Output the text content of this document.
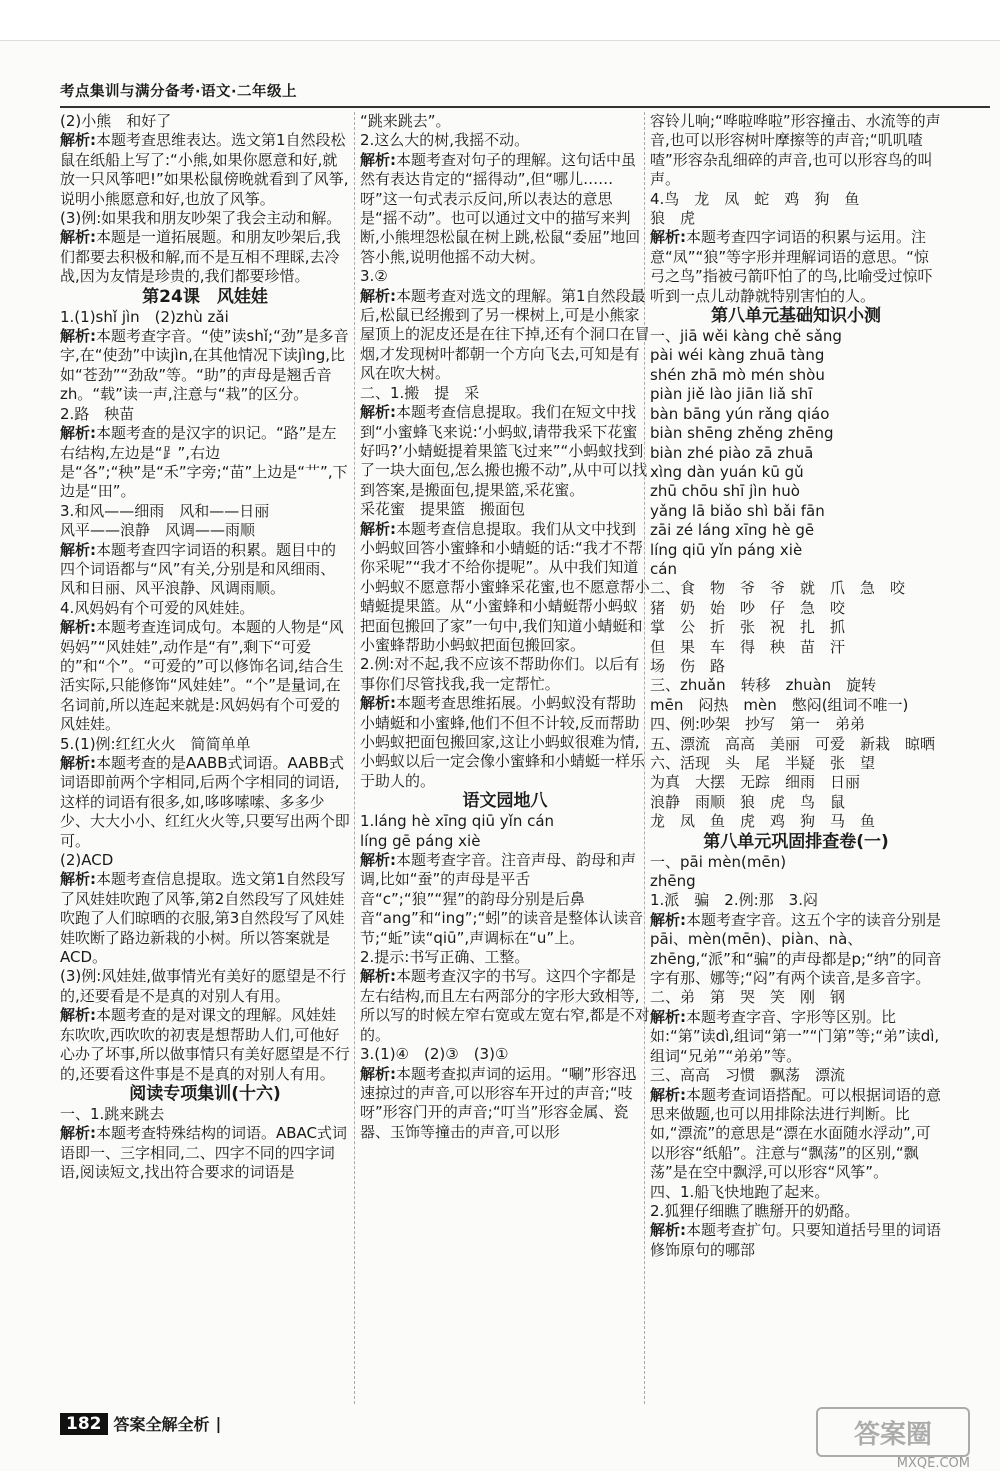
考点集训与满分备考·语文·二年级上

(2)小熊　和好了

解析:本题考查思维表达。选文第1自然段松鼠在纸船上写了:“小熊,如果你愿意和好,就放一只风筝吧!”如果松鼠傍晚就看到了风筝,说明小熊愿意和好,也放了风筝。

(3)例:如果我和朋友吵架了我会主动和解。

解析:本题是一道拓展题。和朋友吵架后,我们都要去积极和解,而不是互相不理睬,去冷战,因为友情是珍贵的,我们都要珍惜。

第24课　风娃娃

1.(1)shǐ jìn　(2)zhù zǎi

解析:本题考查字音。“使”读shǐ;“劲”是多音字,在“使劲”中读jìn,在其他情况下读jìng,比如“苍劲”“劲敌”等。“助”的声母是翘舌音zh。“载”读一声,注意与“栽”的区分。

2.路　秧苗

解析:本题考查的是汉字的识记。“路”是左右结构,左边是“⻊”,右边是“各”;“秧”是“禾”字旁;“苗”上边是“艹”,下边是“田”。

3.和风——细雨　风和——日丽

风平——浪静　风调——雨顺

解析:本题考查四字词语的积累。题目中的四个词语都与“风”有关,分别是和风细雨、风和日丽、风平浪静、风调雨顺。

4.风妈妈有个可爱的风娃娃。

解析:本题考查连词成句。本题的人物是“风妈妈”“风娃娃”,动作是“有”,剩下“可爱的”和“个”。“可爱的”可以修饰名词,结合生活实际,只能修饰“风娃娃”。“个”是量词,在名词前,所以连起来就是:风妈妈有个可爱的风娃娃。

5.(1)例:红红火火　简简单单

解析:本题考查的是AABB式词语。AABB式词语即前两个字相同,后两个字相同的词语,这样的词语有很多,如,哆哆嗦嗦、多多少少、大大小小、红红火火等,只要写出两个即可。

(2)ACD

解析:本题考查信息提取。选文第1自然段写了风娃娃吹跑了风筝,第2自然段写了风娃娃吹跑了人们晾晒的衣服,第3自然段写了风娃娃吹断了路边新栽的小树。所以答案就是ACD。

(3)例:风娃娃,做事情光有美好的愿望是不行的,还要看是不是真的对别人有用。

解析:本题考查的是对课文的理解。风娃娃东吹吹,西吹吹的初衷是想帮助人们,可他好心办了坏事,所以做事情只有美好愿望是不行的,还要看这件事是不是真的对别人有用。

阅读专项集训(十六)

一、1.跳来跳去

解析:本题考查特殊结构的词语。ABAC式词语即一、三字相同,二、四字不同的四字词语,阅读短文,找出符合要求的词语是

“跳来跳去”。

2.这么大的树,我摇不动。

解析:本题考查对句子的理解。这句话中虽然有表达肯定的“摇得动”,但“哪儿……呀”这一句式表示反问,所以表达的意思是“摇不动”。也可以通过文中的描写来判断,小熊埋怨松鼠在树上跳,松鼠“委屈”地回答小熊,说明他摇不动大树。

3.②

解析:本题考查对选文的理解。第1自然段最后,松鼠已经搬到了另一棵树上,可是小熊家屋顶上的泥皮还是在往下掉,还有个洞口在冒烟,才发现树叶都朝一个方向飞去,可知是有风在吹大树。

二、1.搬　提　采

解析:本题考查信息提取。我们在短文中找到“小蜜蜂飞来说:‘小蚂蚁,请带我采下花蜜好吗?’小蜻蜓提着果篮飞过来”“小蚂蚁找到了一块大面包,怎么搬也搬不动”,从中可以找到答案,是搬面包,提果篮,采花蜜。

采花蜜　提果篮　搬面包

解析:本题考查信息提取。我们从文中找到小蚂蚁回答小蜜蜂和小蜻蜓的话:“我才不帮你采呢”“我才不给你提呢”。从中我们知道小蚂蚁不愿意帮小蜜蜂采花蜜,也不愿意帮小蜻蜓提果篮。从“小蜜蜂和小蜻蜓帮小蚂蚁把面包搬回了家”一句中,我们知道小蜻蜓和小蜜蜂帮助小蚂蚁把面包搬回家。

2.例:对不起,我不应该不帮助你们。以后有事你们尽管找我,我一定帮忙。

解析:本题考查思维拓展。小蚂蚁没有帮助小蜻蜓和小蜜蜂,他们不但不计较,反而帮助小蚂蚁把面包搬回家,这让小蚂蚁很难为情,小蚂蚁以后一定会像小蜜蜂和小蜻蜓一样乐于助人的。

语文园地八

1.láng hè xīng qiū yǐn cán

líng gē páng xiè

解析:本题考查字音。注音声母、韵母和声调,比如“蚕”的声母是平舌音“c”;“狼”“猩”的韵母分别是后鼻音“ang”和“ing”;“蚓”的读音是整体认读音节;“蚯”读“qiū”,声调标在“u”上。

2.提示:书写正确、工整。

解析:本题考查汉字的书写。这四个字都是左右结构,而且左右两部分的字形大致相等,所以写的时候左窄右宽或左宽右窄,都是不对的。

3.(1)④　(2)③　(3)①

解析:本题考查拟声词的运用。“唰”形容迅速掠过的声音,可以形容车开过的声音;“吱呀”形容门开的声音;“叮当”形容金属、瓷器、玉饰等撞击的声音,可以形

容铃儿响;“哗啦哗啦”形容撞击、水流等的声音,也可以形容树叶摩擦等的声音;“叽叽喳喳”形容杂乱细碎的声音,也可以形容鸟的叫声。

4.鸟　龙　凤　蛇　鸡　狗　鱼

狼　虎

解析:本题考查四字词语的积累与运用。注意“凤”“狼”等字形并理解词语的意思。“惊弓之鸟”指被弓箭吓怕了的鸟,比喻受过惊吓听到一点儿动静就特别害怕的人。

第八单元基础知识小测

一、jiā wěi kàng chě sǎng

pài wéi kàng zhuā tàng

shén zhā mò mén shòu

piàn jiě lào jiān liǎ shī

bàn bāng yún rǎng qiáo

biàn shēng zhěng zhēng

biàn zhé piào zā zhuā

xìng dàn yuán kū gǔ

zhū chōu shī jìn huò

yǎng lā biǎo shì bǎi fān

zāi zé láng xīng hè gē

líng qiū yǐn páng xiè

cán

二、食　物　爷　爷　就　爪　急　咬

猪　奶　始　吵　仔　急　咬

掌　公　折　张　祝　扎　抓

但　果　车　得　秧　苗　汗

场　伤　路

三、zhuǎn　转移　zhuàn　旋转

mēn　闷热　mèn　憋闷(组词不唯一)

四、例:吵架　抄写　第一　弟弟

五、漂流　高高　美丽　可爱　新栽　晾晒

六、活现　头　尾　半疑　张　望

为真　大摆　无踪　细雨　日丽

浪静　雨顺　狼　虎　鸟　鼠

龙　凤　鱼　虎　鸡　狗　马　鱼

第八单元巩固排查卷(一)

一、pāi mèn(mēn)

zhēng

1.派　骗　2.例:那　3.闷

解析:本题考查字音。这五个字的读音分别是pāi、mèn(mēn)、piàn、nà、zhēng,“派”和“骗”的声母都是p;“纳”的同音字有那、娜等;“闷”有两个读音,是多音字。

二、弟　第　哭　笑　刚　钢

解析:本题考查字音、字形等区别。比如:“第”读dì,组词“第一”“门第”等;“弟”读dì,组词“兄弟”“弟弟”等。

三、高高　习惯　飘荡　漂流

解析:本题考查词语搭配。可以根据词语的意思来做题,也可以用排除法进行判断。比如,“漂流”的意思是“漂在水面随水浮动”,可以形容“纸船”。注意与“飘荡”的区别,“飘荡”是在空中飘浮,可以形容“风筝”。

四、1.船飞快地跑了起来。

2.狐狸仔细瞧了瞧掰开的奶酪。

解析:本题考查扩句。只要知道括号里的词语修饰原句的哪部

182 答案全解全析 |	答案圈
MXQE.COM
